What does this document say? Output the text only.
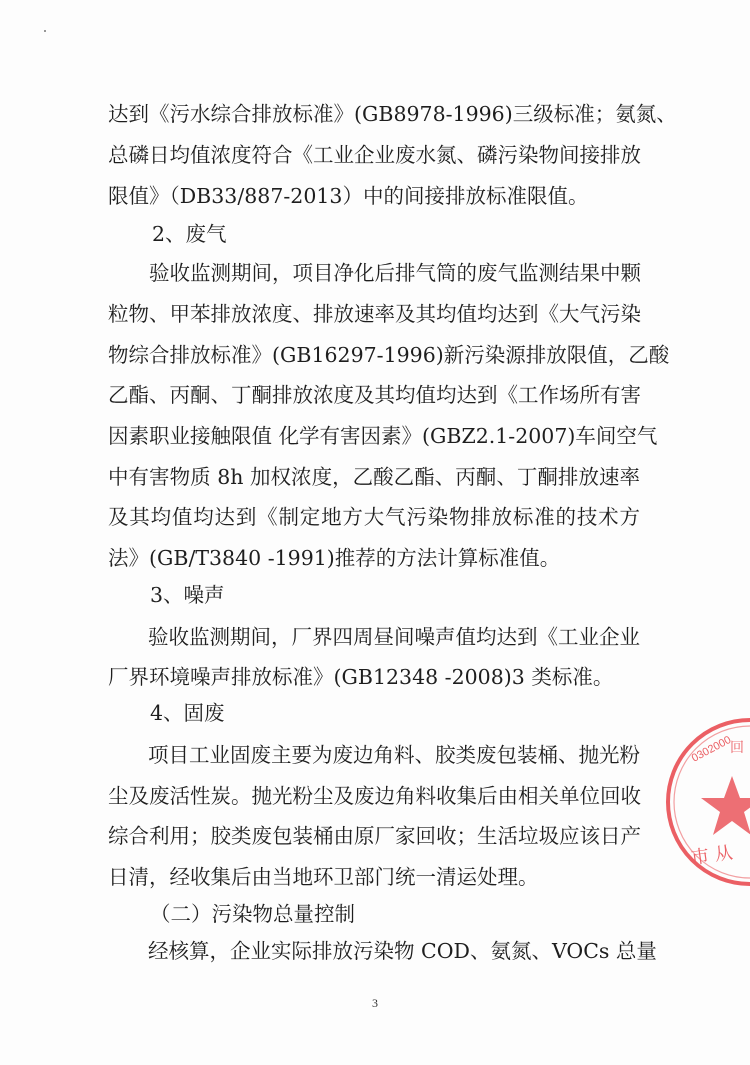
达到《污水综合排放标准》(GB8978-1996)三级标准；氨氮、
总磷日均值浓度符合《工业企业废水氮、磷污染物间接排放
限值》（DB33/887-2013）中的间接排放标准限值。
2、废气
验收监测期间，项目净化后排气筒的废气监测结果中颗
粒物、甲苯排放浓度、排放速率及其均值均达到《大气污染
物综合排放标准》(GB16297-1996)新污染源排放限值，乙酸
乙酯、丙酮、丁酮排放浓度及其均值均达到《工作场所有害
因素职业接触限值 化学有害因素》(GBZ2.1-2007)车间空气
中有害物质 8h 加权浓度，乙酸乙酯、丙酮、丁酮排放速率
及其均值均达到《制定地方大气污染物排放标准的技术方
法》(GB/T3840 -1991)推荐的方法计算标准值。
3、噪声
验收监测期间，厂界四周昼间噪声值均达到《工业企业
厂界环境噪声排放标准》(GB12348 -2008)3 类标准。
4、固废
项目工业固废主要为废边角料、胶类废包装桶、抛光粉
尘及废活性炭。抛光粉尘及废边角料收集后由相关单位回收
综合利用；胶类废包装桶由原厂家回收；生活垃圾应该日产
日清，经收集后由当地环卫部门统一清运处理。
（二）污染物总量控制
经核算，企业实际排放污染物 COD、氨氮、VOCs 总量
3
0302000
巿 从
回
